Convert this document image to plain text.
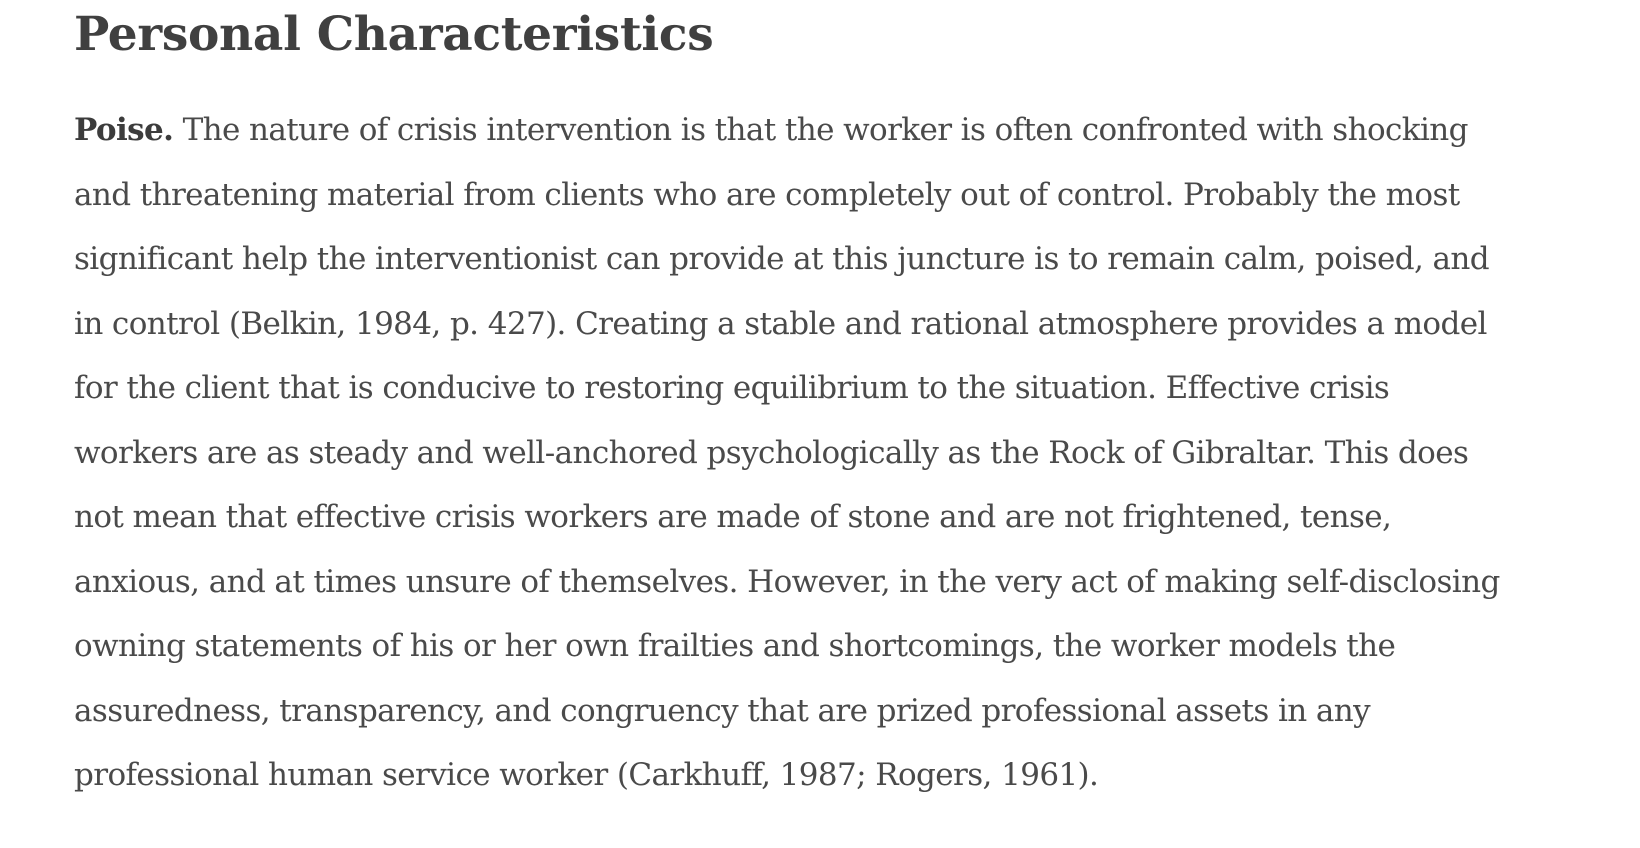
Personal Characteristics

Poise. The nature of crisis intervention is that the worker is often confronted with shocking
and threatening material from clients who are completely out of control. Probably the most
significant help the interventionist can provide at this juncture is to remain calm, poised, and
in control (Belkin, 1984, p. 427). Creating a stable and rational atmosphere provides a model
for the client that is conducive to restoring equilibrium to the situation. Effective crisis
workers are as steady and well-anchored psychologically as the Rock of Gibraltar. This does
not mean that effective crisis workers are made of stone and are not frightened, tense,
anxious, and at times unsure of themselves. However, in the very act of making self-disclosing
owning statements of his or her own frailties and shortcomings, the worker models the
assuredness, transparency, and congruency that are prized professional assets in any
professional human service worker (Carkhuff, 1987; Rogers, 1961).
